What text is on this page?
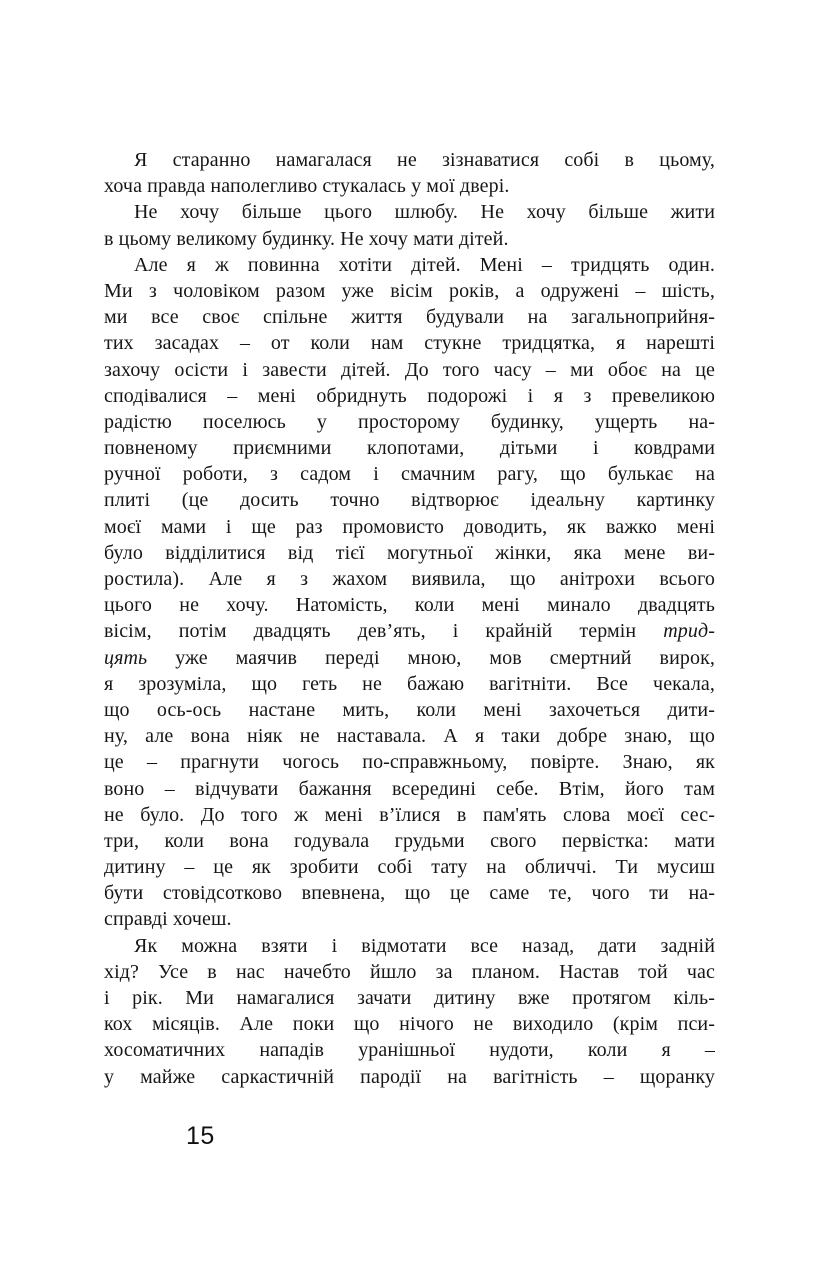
Я старанно намагалася не зізнаватися собі в цьому,
хоча правда наполегливо стукалась у мої двері.
Не хочу більше цього шлюбу. Не хочу більше жити
в цьому великому будинку. Не хочу мати дітей.
Але я ж повинна хотіти дітей. Мені – тридцять один.
Ми з чоловіком разом уже вісім років, а одружені – шість,
ми все своє спільне життя будували на загальноприйня-
тих засадах – от коли нам стукне тридцятка, я нарешті
захочу осісти і завести дітей. До того часу – ми обоє на це
сподівалися – мені обриднуть подорожі і я з превеликою
радістю поселюсь у просторому будинку, ущерть на-
повненому приємними клопотами, дітьми і ковдрами
ручної роботи, з садом і смачним рагу, що булькає на
плиті (це досить точно відтворює ідеальну картинку
моєї мами і ще раз промовисто доводить, як важко мені
було відділитися від тієї могутньої жінки, яка мене ви-
ростила). Але я з жахом виявила, що анітрохи всього
цього не хочу. Натомість, коли мені минало двадцять
вісім, потім двадцять дев’ять, і крайній термін трид-
цять уже маячив переді мною, мов смертний вирок,
я зрозуміла, що геть не бажаю вагітніти. Все чекала,
що ось-ось настане мить, коли мені захочеться дити-
ну, але вона ніяк не наставала. А я таки добре знаю, що
це – прагнути чогось по-справжньому, повірте. Знаю, як
воно – відчувати бажання всередині себе. Втім, його там
не було. До того ж мені в’їлися в пам'ять слова моєї сес-
три, коли вона годувала грудьми свого первістка: мати
дитину – це як зробити собі тату на обличчі. Ти мусиш
бути стовідсотково впевнена, що це саме те, чого ти на-
справді хочеш.
Як можна взяти і відмотати все назад, дати задній
хід? Усе в нас начебто йшло за планом. Настав той час
і рік. Ми намагалися зачати дитину вже протягом кіль-
кох місяців. Але поки що нічого не виходило (крім пси-
хосоматичних нападів уранішньої нудоти, коли я –
у майже саркастичній пародії на вагітність – щоранку
15
